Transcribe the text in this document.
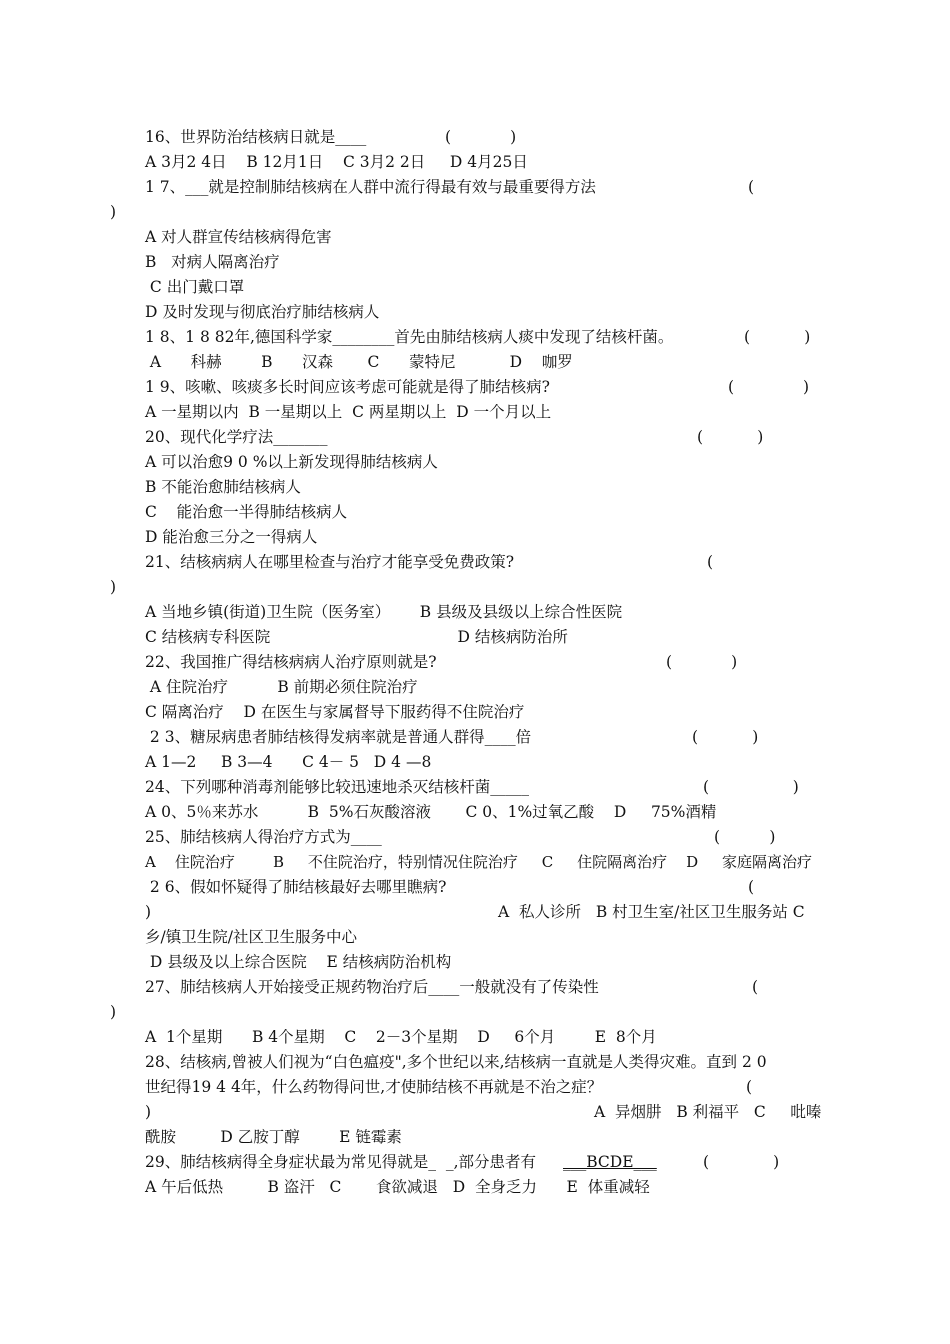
16、世界防治结核病日就是____	(            )
A 3月2 4日    B 12月1日    C 3月2 2日     D 4月25日
1 7、___就是控制肺结核病在人群中流行得最有效与最重要得方法	(
)
A 对人群宣传结核病得危害
B   对病人隔离治疗
C 出门戴口罩
D 及时发现与彻底治疗肺结核病人
1 8、1 8 82年,德国科学家________首先由肺结核病人痰中发现了结核杆菌。	(           )
A      科赫        B      汉森       C      蒙特尼           D    咖罗
1 9、咳嗽、咳痰多长时间应该考虑可能就是得了肺结核病?	(              )
A 一星期以内  B 一星期以上  C 两星期以上  D 一个月以上
20、现代化学疗法_______	(           )
A 可以治愈9 0 %以上新发现得肺结核病人
B 不能治愈肺结核病人
C    能治愈一半得肺结核病人
D 能治愈三分之一得病人
21、结核病病人在哪里检查与治疗才能享受免费政策?	(
)
A 当地乡镇(街道)卫生院（医务室）      B 县级及县级以上综合性医院
C 结核病专科医院                                      D 结核病防治所
22、我国推广得结核病病人治疗原则就是?	(            )
A 住院治疗          B 前期必须住院治疗
C 隔离治疗    D 在医生与家属督导下服药得不住院治疗
2 3、糖尿病患者肺结核得发病率就是普通人群得____倍	(           )
A 1—2     B 3—4      C 4－ 5   D 4 —8
24、下列哪种消毒剂能够比较迅速地杀灭结核杆菌_____	(                 )
A 0、5％来苏水          B  5%石灰酸溶液       C 0、1%过氧乙酸    D     75%酒精
25、肺结核病人得治疗方式为____	(          )
A    住院治疗        B     不住院治疗，特别情况住院治疗     C     住院隔离治疗    D     家庭隔离治疗
2 6、假如怀疑得了肺结核最好去哪里瞧病?	(
)	A  私人诊所   B 村卫生室/社区卫生服务站 C
乡/镇卫生院/社区卫生服务中心
D 县级及以上综合医院    E 结核病防治机构
27、肺结核病人开始接受正规药物治疗后____一般就没有了传染性	(
)
A  1个星期      B 4个星期    C    2－3个星期    D     6个月        E  8个月
28、结核病,曾被人们视为“白色瘟疫",多个世纪以来,结核病一直就是人类得灾难。直到 2 0
世纪得19 4 4年，什么药物得问世,才使肺结核不再就是不治之症？	(
)	A  异烟肼   B 利福平   C     吡嗪
酰胺         D 乙胺丁醇        E 链霉素
29、肺结核病得全身症状最为常见得就是_  _,部分患者有 ___BCDE___	(             )
A 午后低热         B 盗汗   C       食欲减退   D  全身乏力      E  体重减轻
